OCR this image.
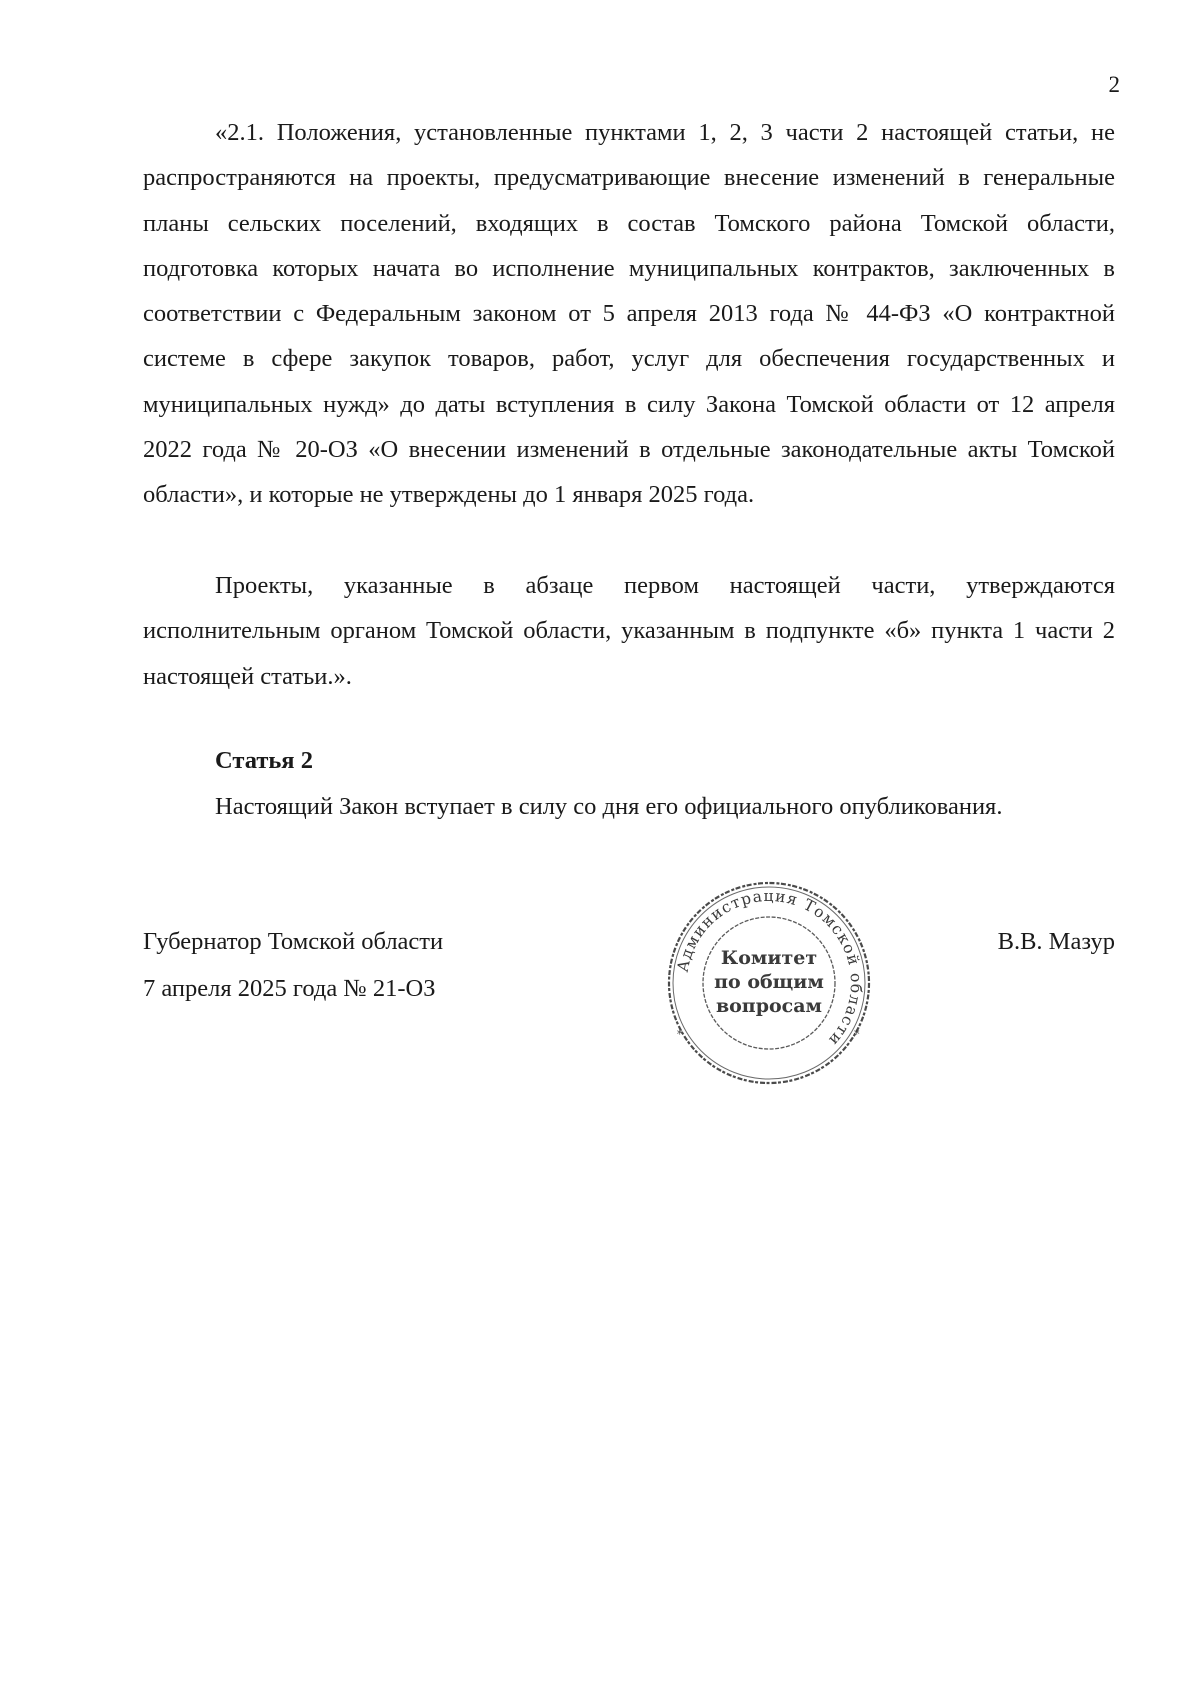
2

«2.1. Положения, установленные пунктами 1, 2, 3 части 2 настоящей статьи, не распространяются на проекты, предусматривающие внесение изменений в генеральные планы сельских поселений, входящих в состав Томского района Томской области, подготовка которых начата во исполнение муниципальных контрактов, заключенных в соответствии с Федеральным законом от 5 апреля 2013 года № 44-ФЗ «О контрактной системе в сфере закупок товаров, работ, услуг для обеспечения государственных и муниципальных нужд» до даты вступления в силу Закона Томской области от 12 апреля 2022 года № 20-ОЗ «О внесении изменений в отдельные законодательные акты Томской области», и которые не утверждены до 1 января 2025 года.

Проекты, указанные в абзаце первом настоящей части, утверждаются исполнительным органом Томской области, указанным в подпункте «б» пункта 1 части 2 настоящей статьи.».

Статья 2
Настоящий Закон вступает в силу со дня его официального опубликования.
Губернатор Томской области
7 апреля 2025 года № 21-ОЗ
В.В. Мазур
Администрация Томской области
*	*
Комитет
по общим
вопросам
